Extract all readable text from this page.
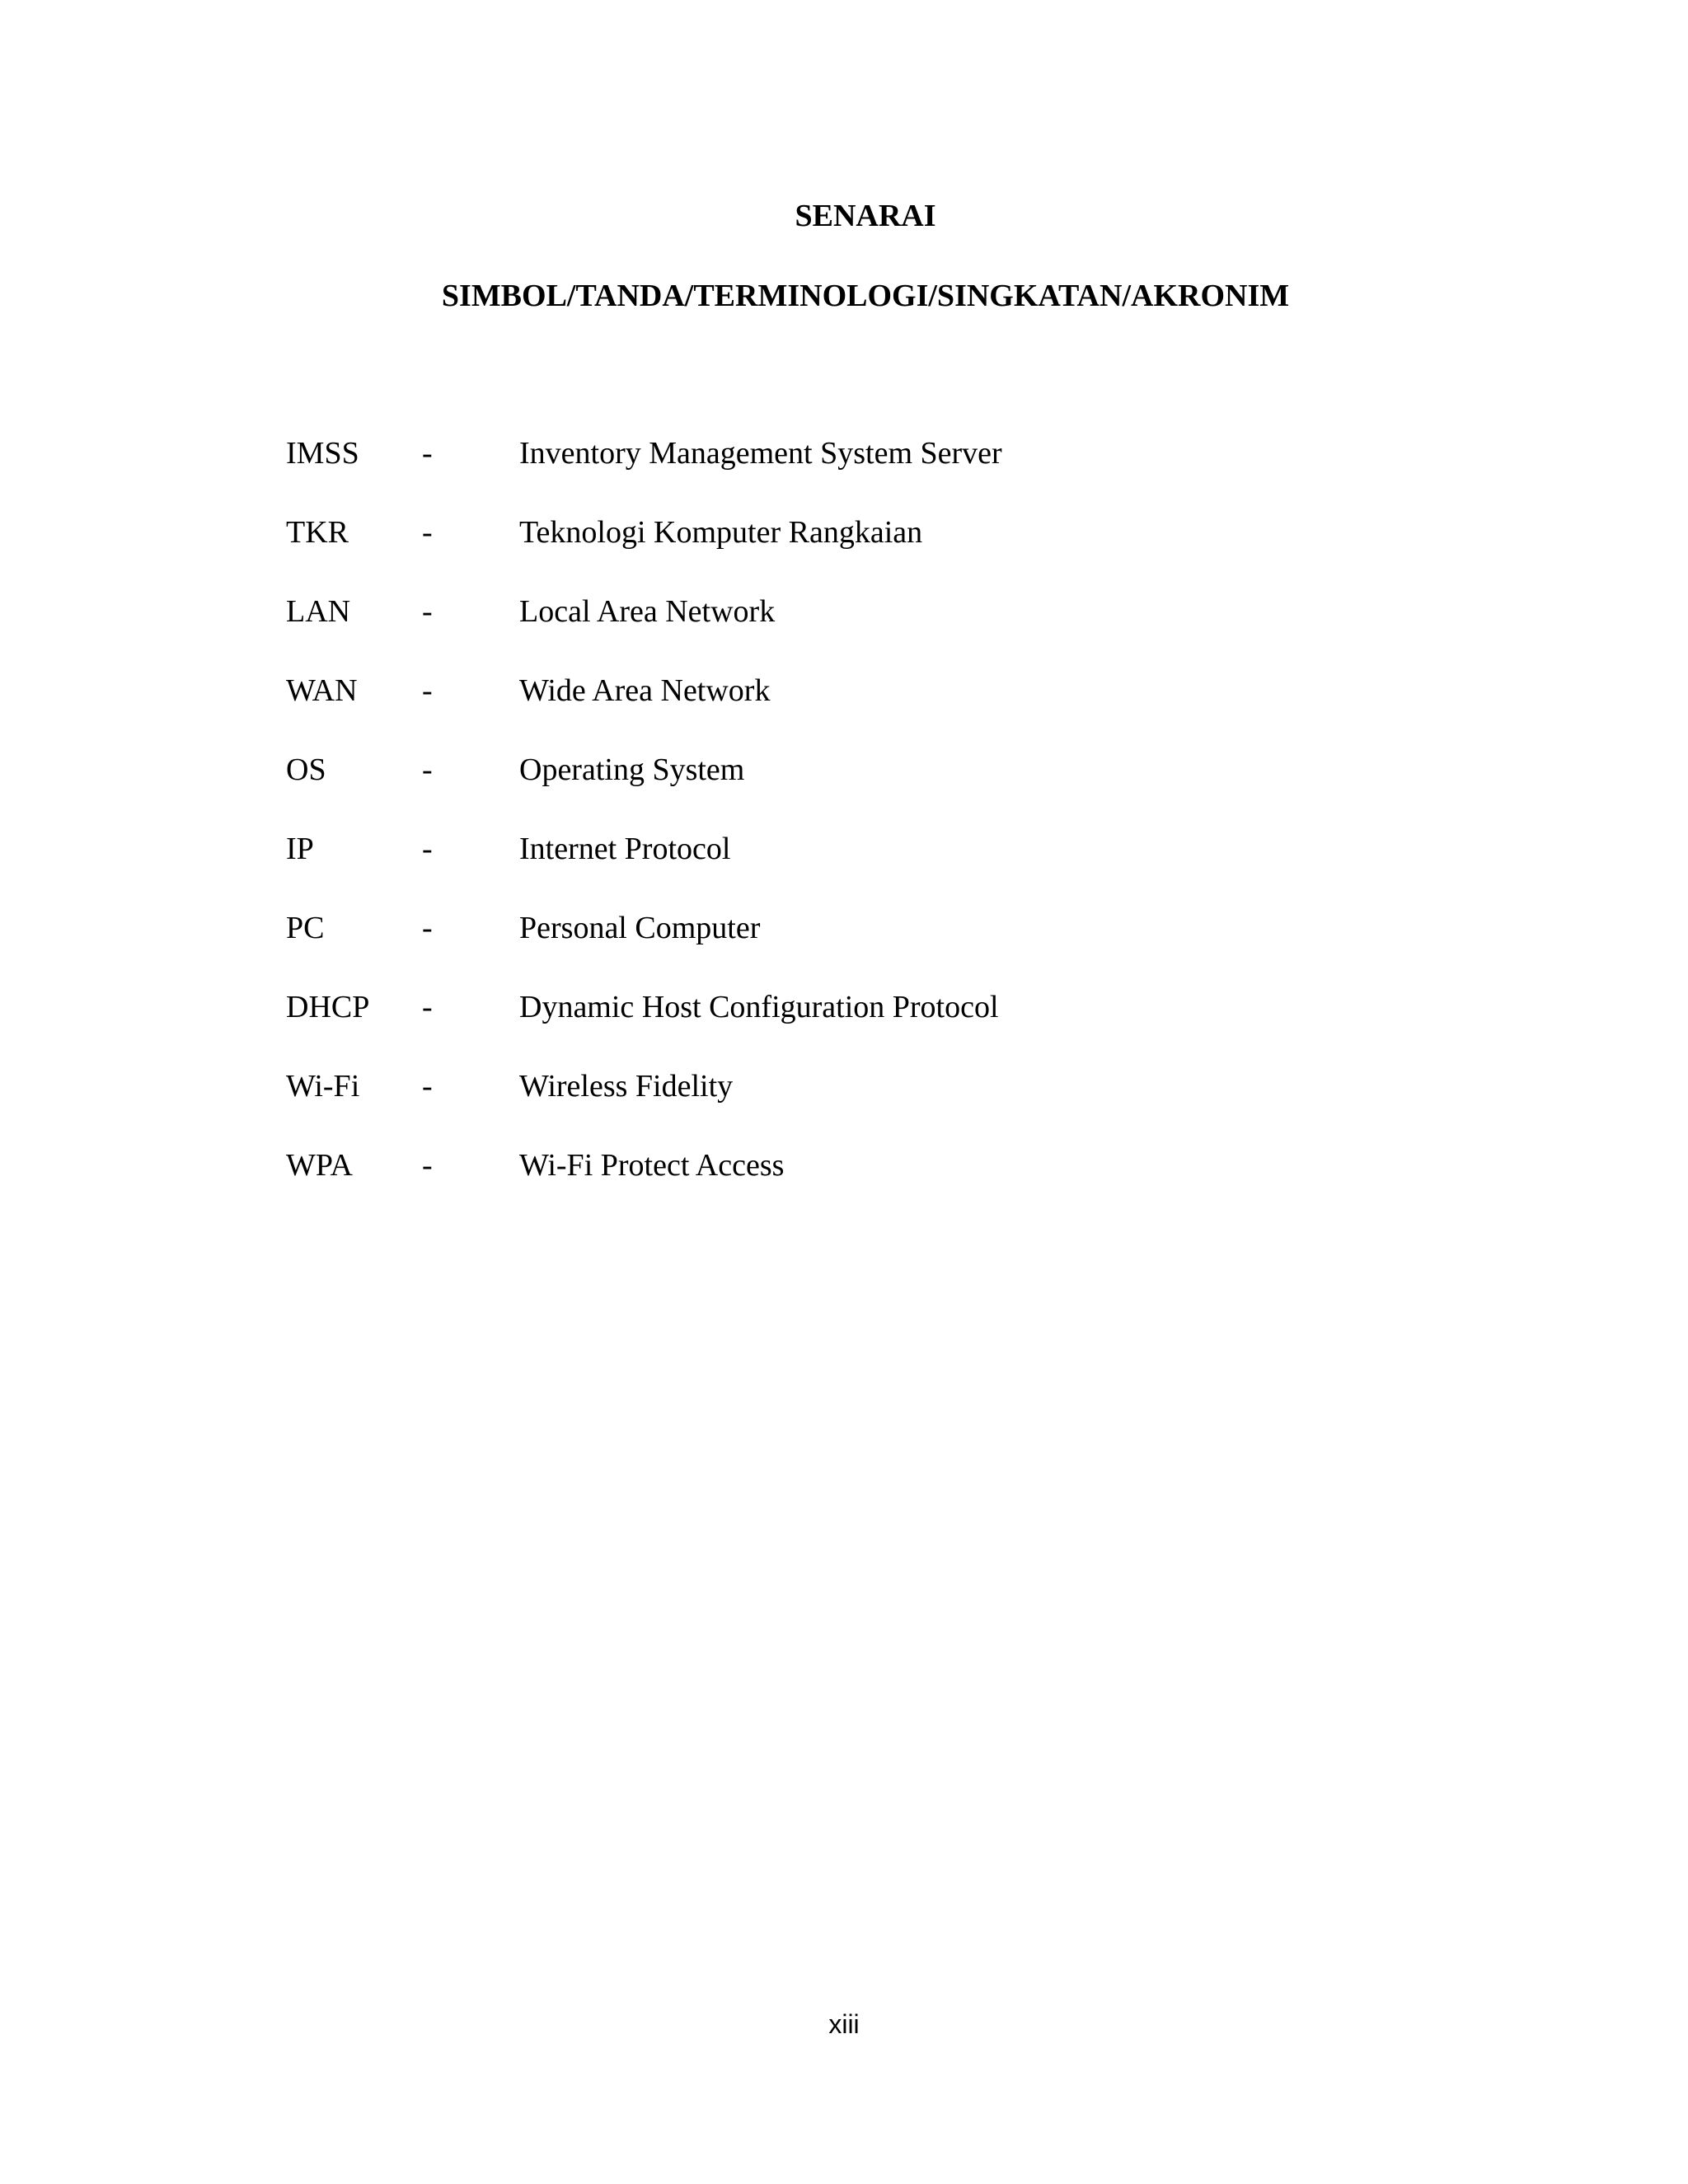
SENARAI
SIMBOL/TANDA/TERMINOLOGI/SINGKATAN/AKRONIM
IMSS -	Inventory Management System Server
TKR -	Teknologi Komputer Rangkaian
LAN -	Local Area Network
WAN -	Wide Area Network
OS	-	Operating System
IP	-	Internet Protocol
PC	-	Personal Computer
DHCP -	Dynamic Host Configuration Protocol
Wi-Fi -	Wireless Fidelity
WPA -	Wi-Fi Protect Access
xiii
